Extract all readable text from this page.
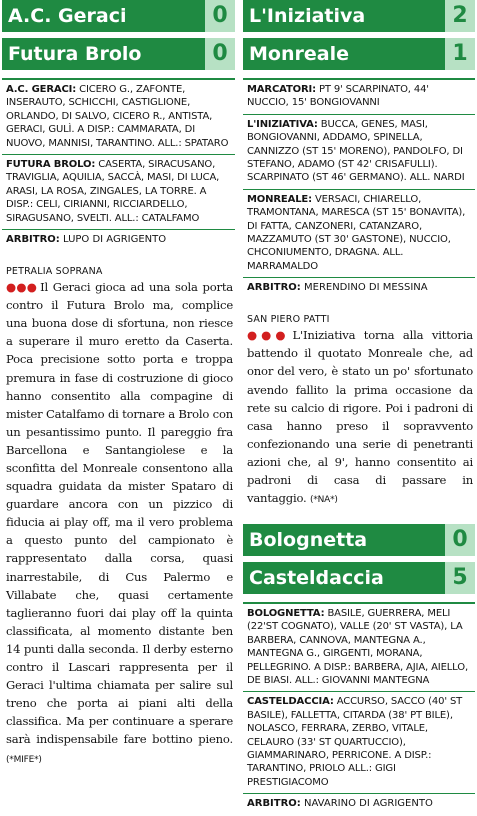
A.C. Geraci	0
Futura Brolo	0
A.C. GERACI: CICERO G., ZAFONTE, INSERAUTO, SCHICCHI, CASTIGLIONE, ORLANDO, DI SALVO, CICERO R., ANTISTA, GERACI, GULÌ. A DISP.: CAMMARATA, DI NUOVO, MANNISI, TARANTINO. ALL.: SPATARO
FUTURA BROLO: CASERTA, SIRACUSANO, TRAVIGLIA, AQUILIA, SACCÀ, MASI, DI LUCA, ARASI, LA ROSA, ZINGALES, LA TORRE. A DISP.: CELI, CIRIANNI, RICCIARDELLO, SIRAGUSANO, SVELTI. ALL.: CATALFAMO
ARBITRO: LUPO DI AGRIGENTO
PETRALIA SOPRANA
●●● Il Geraci gioca ad una sola porta contro il Futura Brolo ma, complice una buona dose di sfortuna, non riesce a superare il muro eretto da Caserta. Poca precisione sotto porta e troppa premura in fase di costruzione di gioco hanno consentito alla compagine di mister Catalfamo di tornare a Brolo con un pesantissimo punto. Il pareggio fra Barcellona e Santangiolese e la sconfitta del Monreale consentono alla squadra guidata da mister Spataro di guardare ancora con un pizzico di fiducia ai play off, ma il vero problema a questo punto del campionato è rappresentato dalla corsa, quasi inarrestabile, di Cus Palermo e Villabate che, quasi certamente taglieranno fuori dai play off la quinta classificata, al momento distante ben 14 punti dalla seconda. Il derby esterno contro il Lascari rappresenta per il Geraci l'ultima chiamata per salire sul treno che porta ai piani alti della classifica. Ma per continuare a sperare sarà indispensabile fare bottino pieno. (*MIFE*)
L'Iniziativa	2
Monreale	1
MARCATORI: PT 9' SCARPINATO, 44' NUCCIO, 15' BONGIOVANNI
L'INIZIATIVA: BUCCA, GENES, MASI, BONGIOVANNI, ADDAMO, SPINELLA, CANNIZZO (ST 15' MORENO), PANDOLFO, DI STEFANO, ADAMO (ST 42' CRISAFULLI). SCARPINATO (ST 46' GERMANO). ALL. NARDI
MONREALE: VERSACI, CHIARELLO, TRAMONTANA, MARESCA (ST 15' BONAVITA), DI FATTA, CANZONERI, CATANZARO, MAZZAMUTO (ST 30' GASTONE), NUCCIO, CHCONIUMENTO, DRAGNA. ALL. MARRAMALDO
ARBITRO: MERENDINO DI MESSINA
SAN PIERO PATTI
●●● L'Iniziativa torna alla vittoria battendo il quotato Monreale che, ad onor del vero, è stato un po' sfortunato avendo fallito la prima occasione da rete su calcio di rigore. Poi i padroni di casa hanno preso il sopravvento confezionando una serie di penetranti azioni che, al 9', hanno consentito ai padroni di casa di passare in vantaggio. (*NA*)
Bolognetta	0
Casteldaccia	5
BOLOGNETTA: BASILE, GUERRERA, MELI (22'ST COGNATO), VALLE (20' ST VASTA), LA BARBERA, CANNOVA, MANTEGNA A., MANTEGNA G., GIRGENTI, MORANA, PELLEGRINO. A DISP.: BARBERA, AJIA, AIELLO, DE BIASI. ALL.: GIOVANNI MANTEGNA
CASTELDACCIA: ACCURSO, SACCO (40' ST BASILE), FALLETTA, CITARDA (38' PT BILE), NOLASCO, FERRARA, ZERBO, VITALE, CELAURO (33' ST QUARTUCCIO), GIAMMARINARO, PERRICONE. A DISP.: TARANTINO, PRIOLO ALL.: GIGI PRESTIGIACOMO
ARBITRO: NAVARINO DI AGRIGENTO
